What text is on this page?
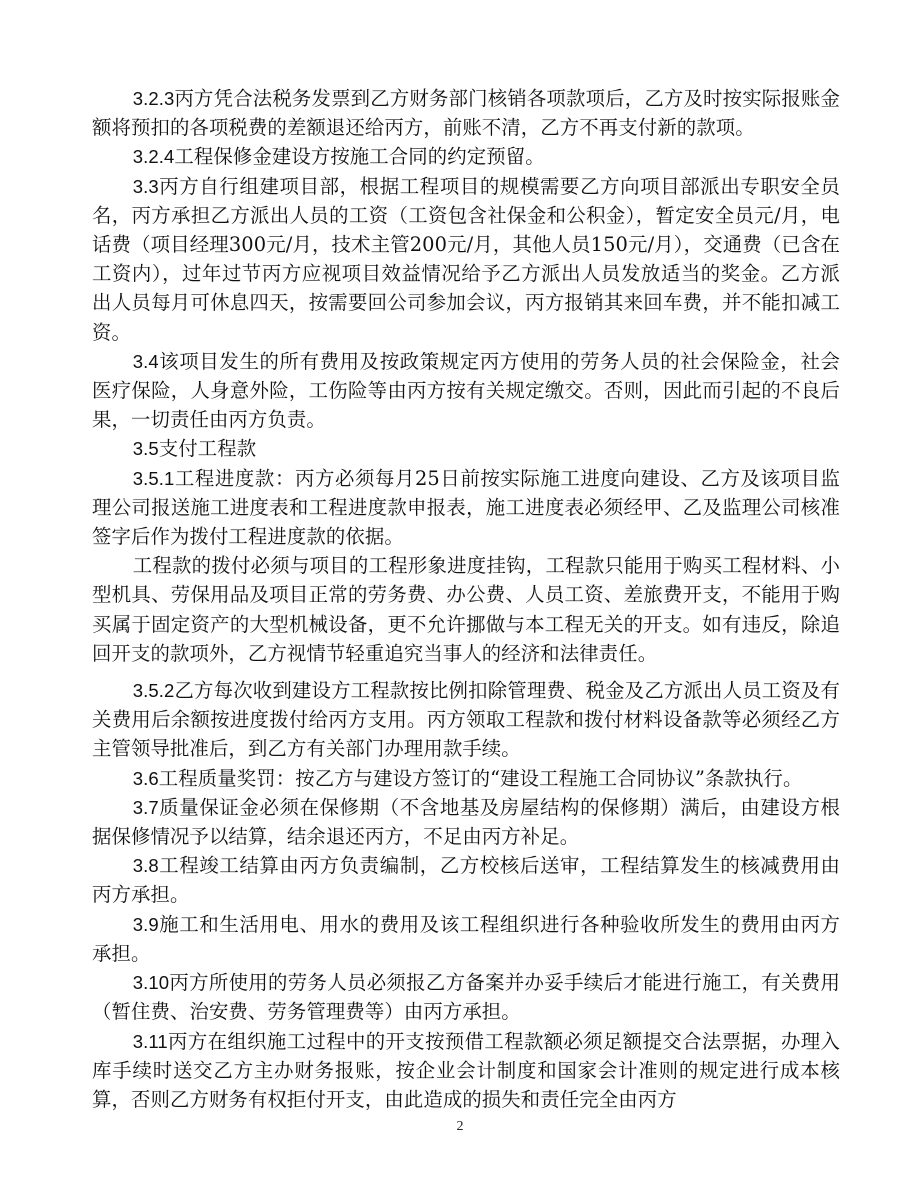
3.2.3丙方凭合法税务发票到乙方财务部门核销各项款项后，乙方及时按实际报账金额将预扣的各项税费的差额退还给丙方，前账不清，乙方不再支付新的款项。

3.2.4工程保修金建设方按施工合同的约定预留。

3.3丙方自行组建项目部，根据工程项目的规模需要乙方向项目部派出专职安全员名，丙方承担乙方派出人员的工资（工资包含社保金和公积金），暂定安全员元/月，电话费（项目经理300元/月，技术主管200元/月，其他人员150元/月），交通费（已含在工资内），过年过节丙方应视项目效益情况给予乙方派出人员发放适当的奖金。乙方派出人员每月可休息四天，按需要回公司参加会议，丙方报销其来回车费，并不能扣减工资。

3.4该项目发生的所有费用及按政策规定丙方使用的劳务人员的社会保险金，社会医疗保险，人身意外险，工伤险等由丙方按有关规定缴交。否则，因此而引起的不良后果，一切责任由丙方负责。

3.5支付工程款

3.5.1工程进度款：丙方必须每月25日前按实际施工进度向建设、乙方及该项目监理公司报送施工进度表和工程进度款申报表，施工进度表必须经甲、乙及监理公司核准签字后作为拨付工程进度款的依据。

工程款的拨付必须与项目的工程形象进度挂钩，工程款只能用于购买工程材料、小型机具、劳保用品及项目正常的劳务费、办公费、人员工资、差旅费开支，不能用于购买属于固定资产的大型机械设备，更不允许挪做与本工程无关的开支。如有违反，除追回开支的款项外，乙方视情节轻重追究当事人的经济和法律责任。

3.5.2乙方每次收到建设方工程款按比例扣除管理费、税金及乙方派出人员工资及有关费用后余额按进度拨付给丙方支用。丙方领取工程款和拨付材料设备款等必须经乙方主管领导批准后，到乙方有关部门办理用款手续。

3.6工程质量奖罚：按乙方与建设方签订的“建设工程施工合同协议”条款执行。

3.7质量保证金必须在保修期（不含地基及房屋结构的保修期）满后，由建设方根据保修情况予以结算，结余退还丙方，不足由丙方补足。

3.8工程竣工结算由丙方负责编制，乙方校核后送审，工程结算发生的核减费用由丙方承担。

3.9施工和生活用电、用水的费用及该工程组织进行各种验收所发生的费用由丙方承担。

3.10丙方所使用的劳务人员必须报乙方备案并办妥手续后才能进行施工，有关费用（暂住费、治安费、劳务管理费等）由丙方承担。

3.11丙方在组织施工过程中的开支按预借工程款额必须足额提交合法票据，办理入库手续时送交乙方主办财务报账，按企业会计制度和国家会计准则的规定进行成本核算，否则乙方财务有权拒付开支，由此造成的损失和责任完全由丙方

2
